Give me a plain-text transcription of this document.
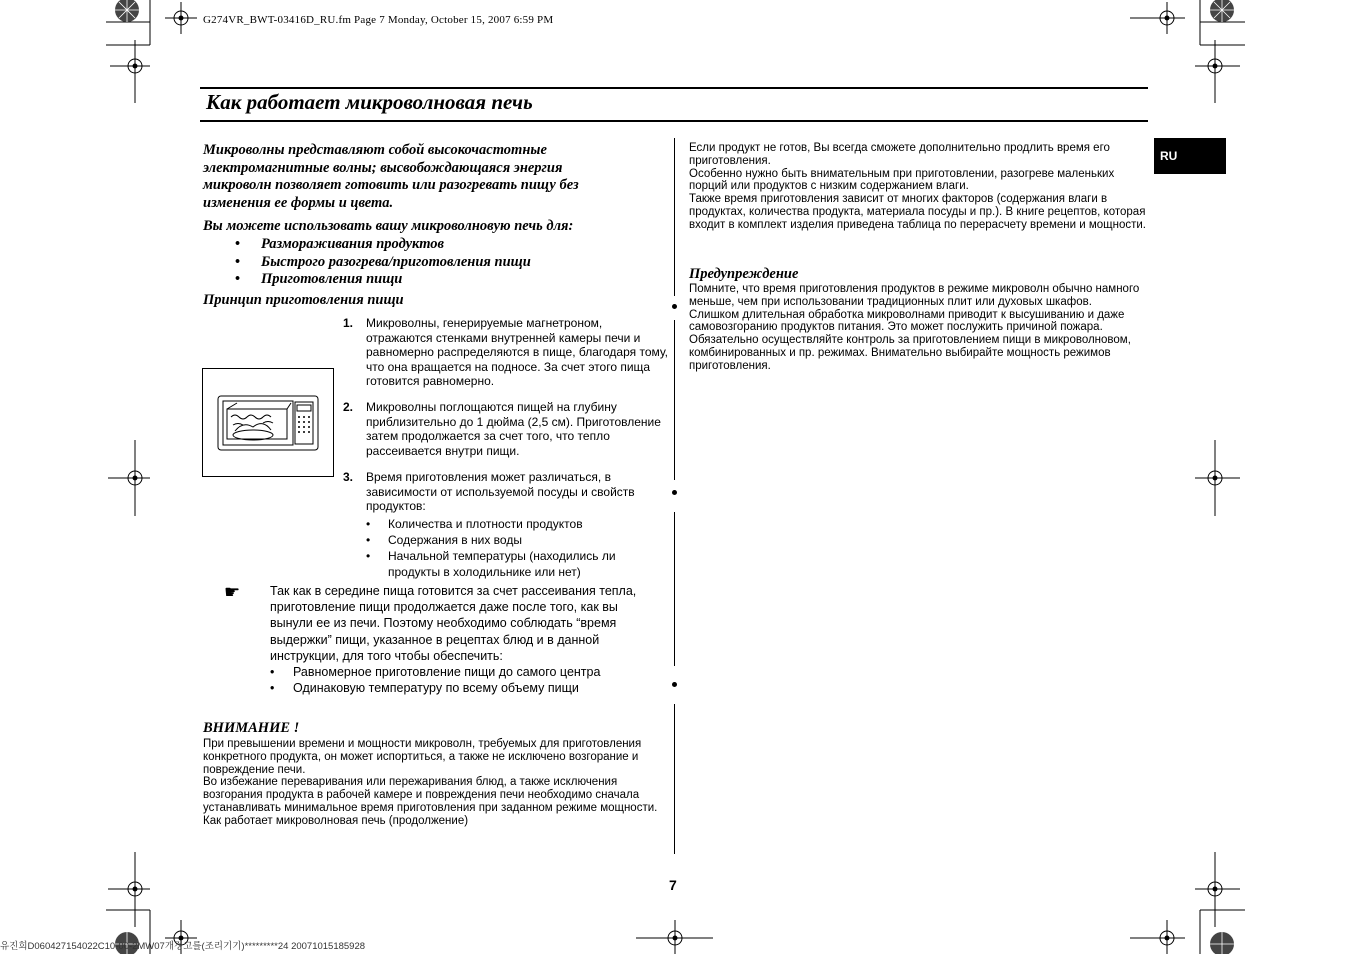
G274VR_BWT-03416D_RU.fm Page 7 Monday, October 15, 2007 6:59 PM
Как работает микроволновая печь
RU
Микроволны представляют собой высокочастотные электромагнитные волны; высвобождающаяся энергия микроволн позволяет готовить или разогревать пищу без изменения ее формы и цвета.
Вы можете использовать вашу микроволновую печь для:
• Размораживания продуктов
• Быстрого разогрева/приготовления пищи
• Приготовления пищи
Принцип приготовления пищи
1. Микроволны, генерируемые магнетроном, отражаются стенками внутренней камеры печи и равномерно распределяются в пище, благодаря тому, что она вращается на подносе. За счет этого пища готовится равномерно.
2. Микроволны поглощаются пищей на глубину приблизительно до 1 дюйма (2,5 см). Приготовление затем продолжается за счет того, что тепло рассеивается внутри пищи.
3. Время приготовления может различаться, в зависимости от используемой посуды и свойств продуктов:
• Количества и плотности продуктов
• Содержания в них воды
• Начальной температуры (находились ли продукты в холодильнике или нет)
☛ Так как в середине пища готовится за счет рассеивания тепла, приготовление пищи продолжается даже после того, как вы вынули ее из печи. Поэтому необходимо соблюдать “время выдержки” пищи, указанное в рецептах блюд и в данной инструкции, для того чтобы обеспечить:
• Равномерное приготовление пищи до самого центра
• Одинаковую температуру по всему объему пищи
ВНИМАНИЕ !
При превышении времени и мощности микроволн, требуемых для приготовления конкретного продукта, он может испортиться, а также не исключено возгорание и повреждение печи.
Во избежание переваривания или пережаривания блюд, а также исключения возгорания продукта в рабочей камере и повреждения печи необходимо сначала устанавливать минимальное время приготовления при заданном режиме мощности.
Как работает микроволновая печь (продолжение)
Если продукт не готов, Вы всегда сможете дополнительно продлить время его приготовления.
Особенно нужно быть внимательным при приготовлении, разогреве маленьких порций или продуктов с низким содержанием влаги.
Также время приготовления зависит от многих факторов (содержания влаги в продуктах, количества продукта, материала посуды и пр.). В книге рецептов, которая входит в комплект изделия приведена таблица по перерасчету времени и мощности.
Предупреждение
Помните, что время приготовления продуктов в режиме микроволн обычно намного меньше, чем при использовании традиционных плит или духовых шкафов.
Слишком длительная обработка микроволнами приводит к высушиванию и даже самовозгоранию продуктов питания. Это может послужить причиной пожара. Обязательно осуществляйте контроль за приготовлением пищи в микроволновом, комбинированных и пр. режимах. Внимательно выбирайте мощность режимов приготовления.
7
유진희D060427154022C10-00-2MW07개정고를(조리기기)*********24 20071015185928
